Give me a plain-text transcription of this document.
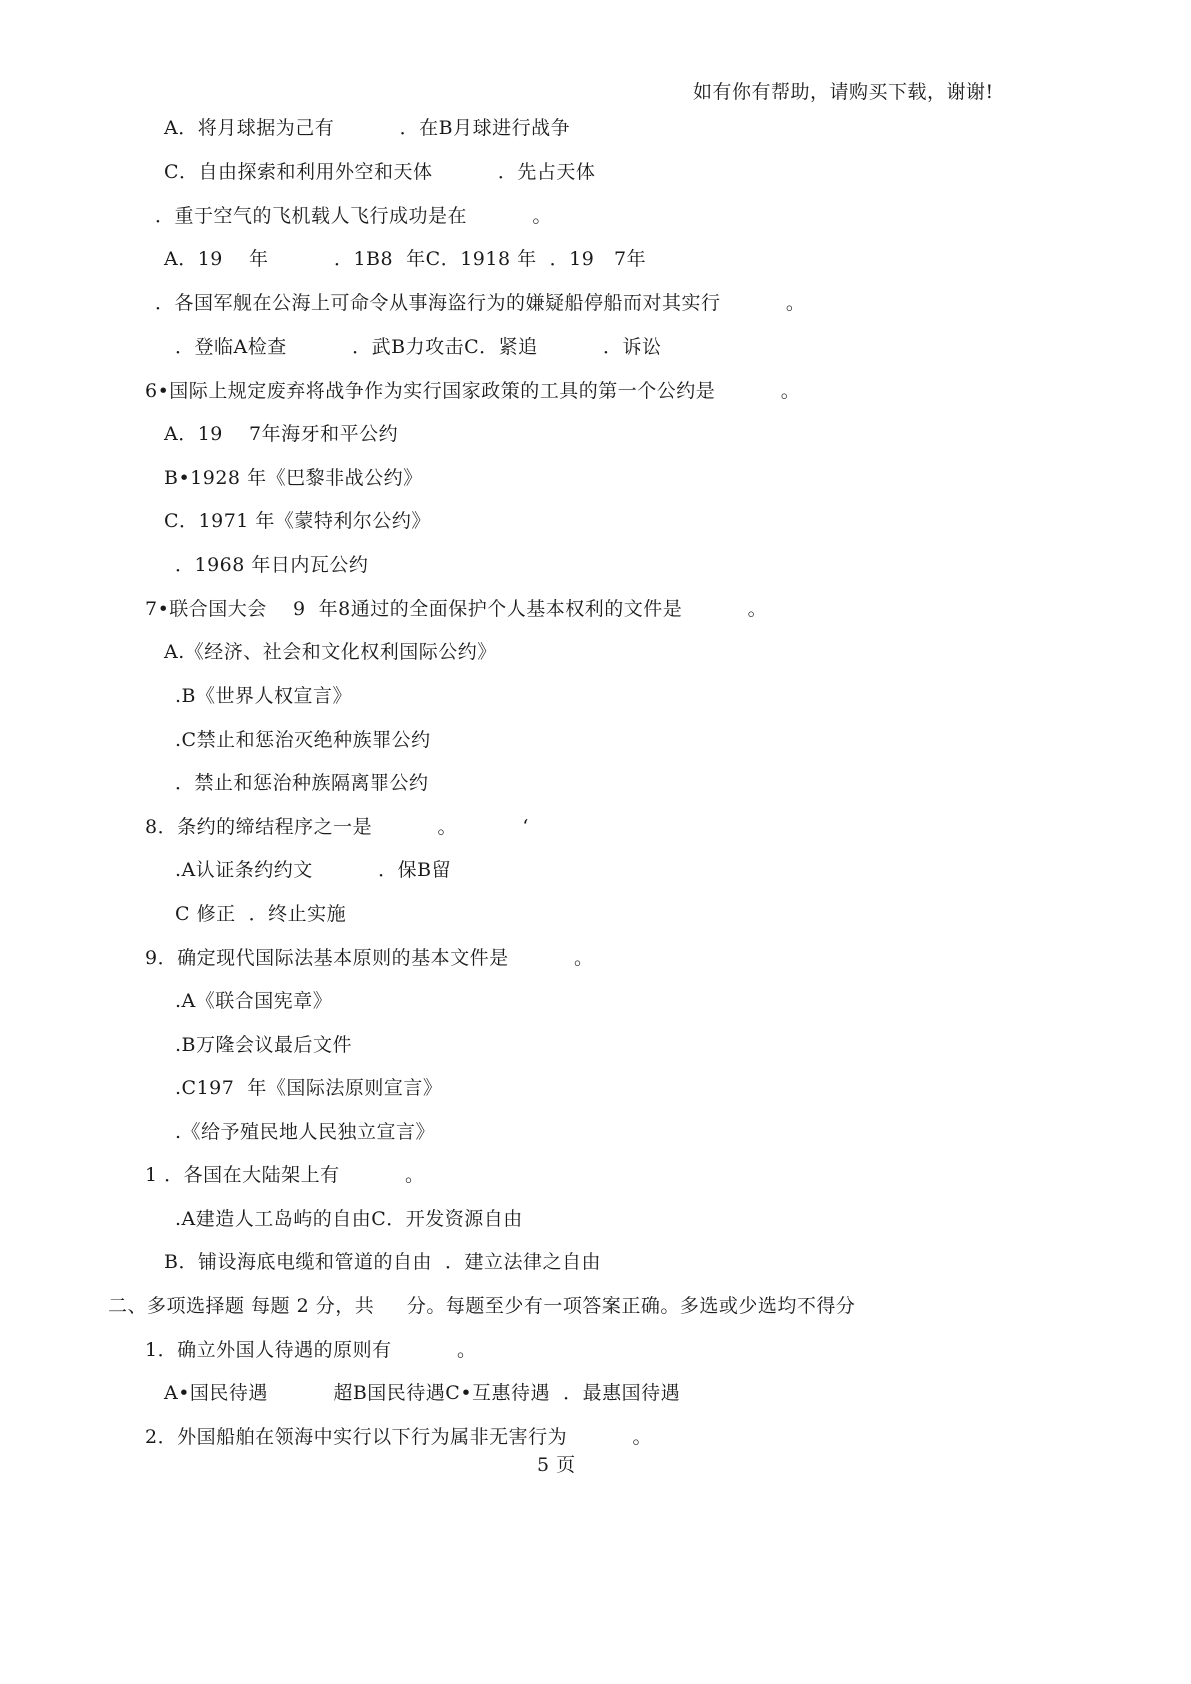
如有你有帮助，请购买下载，谢谢!
A．将月球据为己有          ．在B月球进行战争
C．自由探索和利用外空和天体          ．先占天体
．重于空气的飞机载人飞行成功是在          。
A．19    年          ．1B8  年C．1918 年  ．19   7年
．各国军舰在公海上可命令从事海盗行为的嫌疑船停船而对其实行          。
．登临A检查          ．武B力攻击C．紧追          ．诉讼
6•国际上规定废弃将战争作为实行国家政策的工具的第一个公约是          。
A．19    7年海牙和平公约
B•1928 年《巴黎非战公约》
C．1971 年《蒙特利尔公约》
．1968 年日内瓦公约
7•联合国大会    9  年8通过的全面保护个人基本权利的文件是          。
A.《经济、社会和文化权利国际公约》
.B《世界人权宣言》
.C禁止和惩治灭绝种族罪公约
．禁止和惩治种族隔离罪公约
8．条约的缔结程序之一是          。          ‘
.A认证条约约文          ．保B留
C 修正  ．终止实施
9．确定现代国际法基本原则的基本文件是          。
.A《联合国宪章》
.B万隆会议最后文件
.C197  年《国际法原则宣言》
.《给予殖民地人民独立宣言》
1 ．各国在大陆架上有          。
.A建造人工岛屿的自由C．开发资源自由
B．铺设海底电缆和管道的自由  ．建立法律之自由
二、多项选择题 每题 2 分，共     分。每题至少有一项答案正确。多选或少选均不得分
1．确立外国人待遇的原则有          。
A•国民待遇          超B国民待遇C•互惠待遇  ．最惠国待遇
2．外国船舶在领海中实行以下行为属非无害行为          。
5 页
